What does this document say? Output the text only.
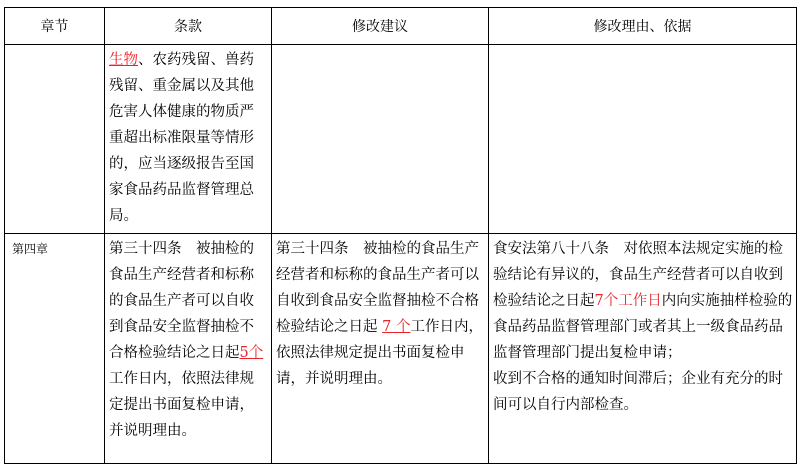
章节	条款	修改建议	修改理由、依据

	生物、农药残留、兽药残留、重金属以及其他危害人体健康的物质严重超出标准限量等情形的，应当逐级报告至国家食品药品监督管理总局。		

第四章	第三十四条　被抽检的食品生产经营者和标称的食品生产者可以自收到食品安全监督抽检不合格检验结论之日起5个工作日内，依照法律规定提出书面复检申请，并说明理由。	第三十四条　被抽检的食品生产经营者和标称的食品生产者可以自收到食品安全监督抽检不合格检验结论之日起 7 个工作日内，依照法律规定提出书面复检申请，并说明理由。	食安法第八十八条　对依照本法规定实施的检验结论有异议的，食品生产经营者可以自收到检验结论之日起7个工作日内向实施抽样检验的食品药品监督管理部门或者其上一级食品药品监督管理部门提出复检申请；

收到不合格的通知时间滞后；企业有充分的时间可以自行内部检查。
